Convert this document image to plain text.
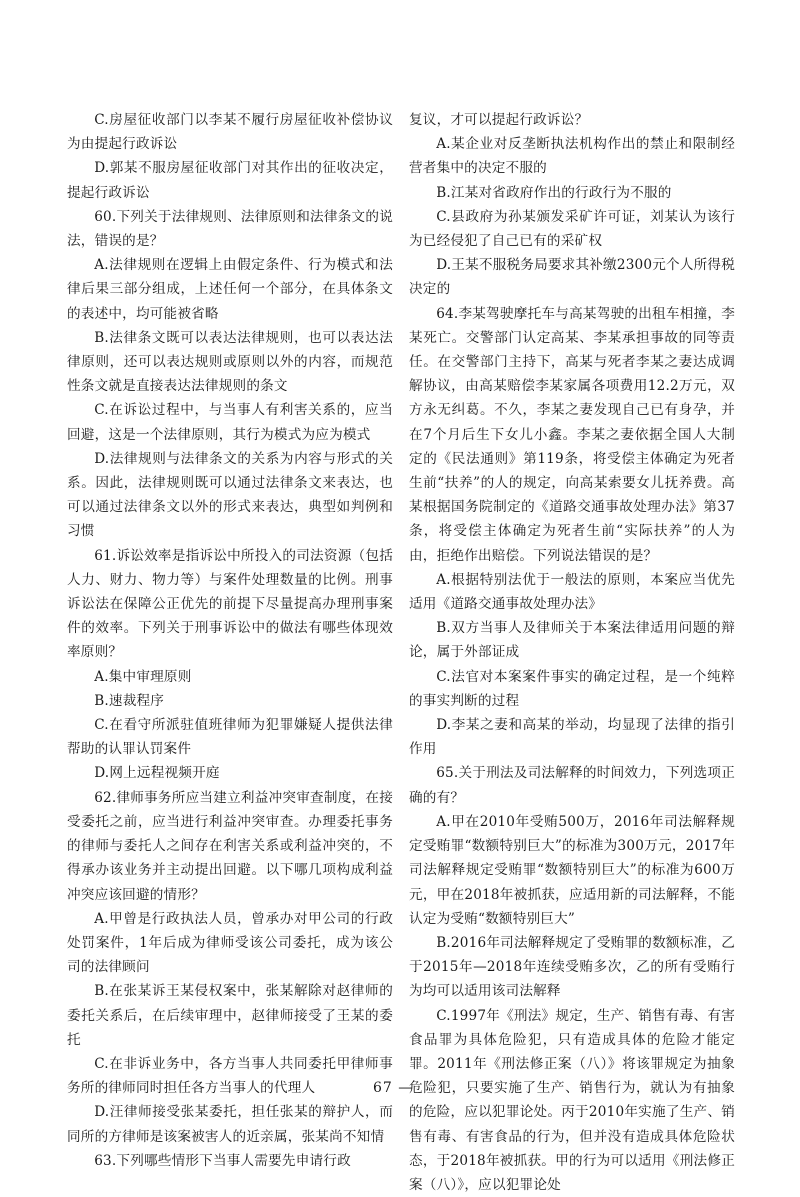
C.房屋征收部门以李某不履行房屋征收补偿协议为由提起行政诉讼

D.郭某不服房屋征收部门对其作出的征收决定，提起行政诉讼

60.下列关于法律规则、法律原则和法律条文的说法，错误的是？

A.法律规则在逻辑上由假定条件、行为模式和法律后果三部分组成，上述任何一个部分，在具体条文的表述中，均可能被省略

B.法律条文既可以表达法律规则，也可以表达法律原则，还可以表达规则或原则以外的内容，而规范性条文就是直接表达法律规则的条文

C.在诉讼过程中，与当事人有利害关系的，应当回避，这是一个法律原则，其行为模式为应为模式

D.法律规则与法律条文的关系为内容与形式的关系。因此，法律规则既可以通过法律条文来表达，也可以通过法律条文以外的形式来表达，典型如判例和习惯

61.诉讼效率是指诉讼中所投入的司法资源（包括人力、财力、物力等）与案件处理数量的比例。刑事诉讼法在保障公正优先的前提下尽量提高办理刑事案件的效率。下列关于刑事诉讼中的做法有哪些体现效率原则？

A.集中审理原则

B.速裁程序

C.在看守所派驻值班律师为犯罪嫌疑人提供法律帮助的认罪认罚案件

D.网上远程视频开庭

62.律师事务所应当建立利益冲突审查制度，在接受委托之前，应当进行利益冲突审查。办理委托事务的律师与委托人之间存在利害关系或利益冲突的，不得承办该业务并主动提出回避。以下哪几项构成利益冲突应该回避的情形？

A.甲曾是行政执法人员，曾承办对甲公司的行政处罚案件，1年后成为律师受该公司委托，成为该公司的法律顾问

B.在张某诉王某侵权案中，张某解除对赵律师的委托关系后，在后续审理中，赵律师接受了王某的委托

C.在非诉业务中，各方当事人共同委托甲律师事务所的律师同时担任各方当事人的代理人

D.汪律师接受张某委托，担任张某的辩护人，而同所的方律师是该案被害人的近亲属，张某尚不知情

63.下列哪些情形下当事人需要先申请行政

复议，才可以提起行政诉讼？

A.某企业对反垄断执法机构作出的禁止和限制经营者集中的决定不服的

B.江某对省政府作出的行政行为不服的

C.县政府为孙某颁发采矿许可证，刘某认为该行为已经侵犯了自己已有的采矿权

D.王某不服税务局要求其补缴2300元个人所得税决定的

64.李某驾驶摩托车与高某驾驶的出租车相撞，李某死亡。交警部门认定高某、李某承担事故的同等责任。在交警部门主持下，高某与死者李某之妻达成调解协议，由高某赔偿李某家属各项费用12.2万元，双方永无纠葛。不久，李某之妻发现自己已有身孕，并在7个月后生下女儿小鑫。李某之妻依据全国人大制定的《民法通则》第119条，将受偿主体确定为死者生前“扶养”的人的规定，向高某索要女儿抚养费。高某根据国务院制定的《道路交通事故处理办法》第37条，将受偿主体确定为死者生前“实际扶养”的人为由，拒绝作出赔偿。下列说法错误的是？

A.根据特别法优于一般法的原则，本案应当优先适用《道路交通事故处理办法》

B.双方当事人及律师关于本案法律适用问题的辩论，属于外部证成

C.法官对本案案件事实的确定过程，是一个纯粹的事实判断的过程

D.李某之妻和高某的举动，均显现了法律的指引作用

65.关于刑法及司法解释的时间效力，下列选项正确的有？

A.甲在2010年受贿500万，2016年司法解释规定受贿罪“数额特别巨大”的标准为300万元，2017年司法解释规定受贿罪“数额特别巨大”的标准为600万元，甲在2018年被抓获，应适用新的司法解释，不能认定为受贿“数额特别巨大”

B.2016年司法解释规定了受贿罪的数额标准，乙于2015年—2018年连续受贿多次，乙的所有受贿行为均可以适用该司法解释

C.1997年《刑法》规定，生产、销售有毒、有害食品罪为具体危险犯，只有造成具体的危险才能定罪。2011年《刑法修正案（八）》将该罪规定为抽象危险犯，只要实施了生产、销售行为，就认为有抽象的危险，应以犯罪论处。丙于2010年实施了生产、销售有毒、有害食品的行为，但并没有造成具体危险状态，于2018年被抓获。甲的行为可以适用《刑法修正案（八）》，应以犯罪论处

67 —
